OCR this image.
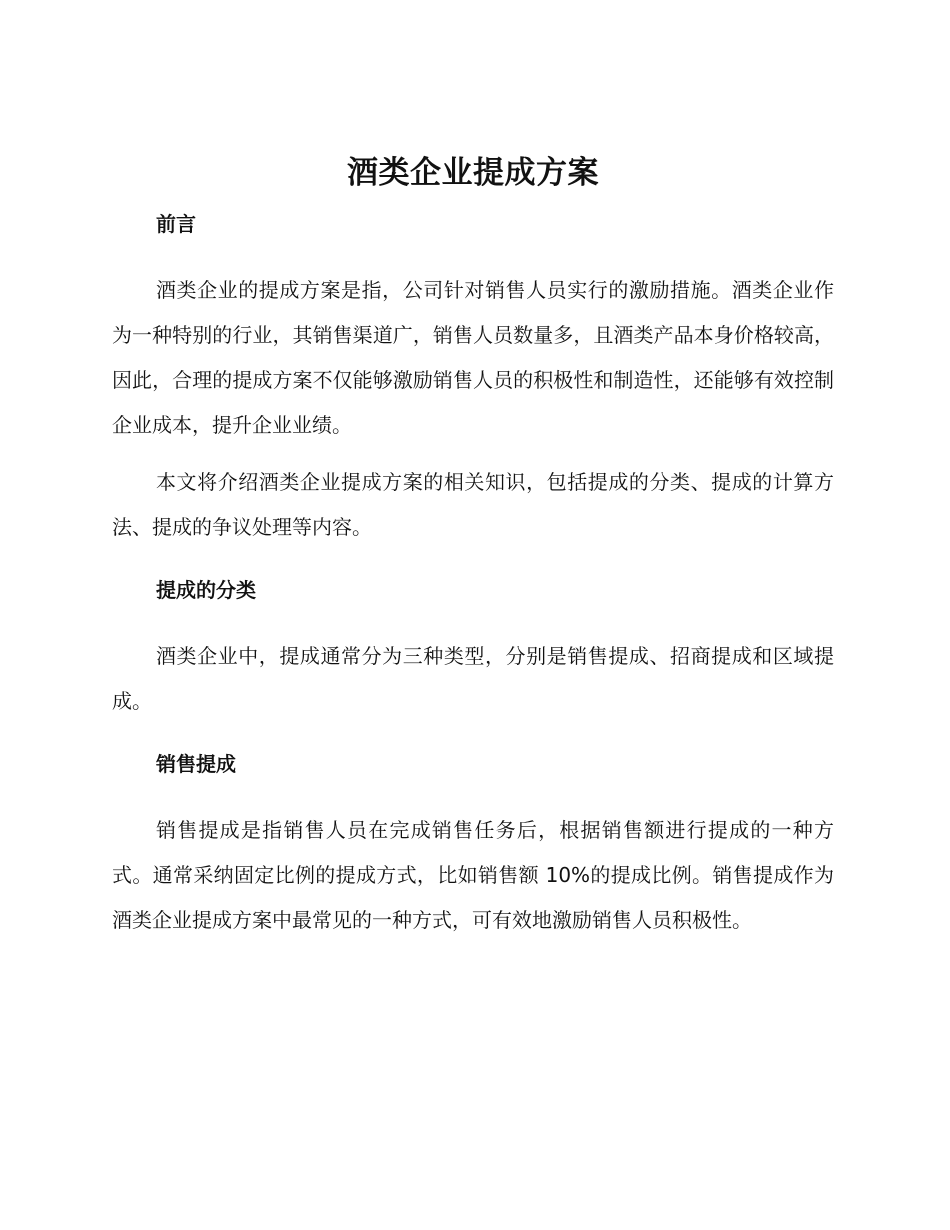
酒类企业提成方案
前言

酒类企业的提成方案是指，公司针对销售人员实行的激励措施。酒类企业作为一种特别的行业，其销售渠道广，销售人员数量多，且酒类产品本身价格较高，因此，合理的提成方案不仅能够激励销售人员的积极性和制造性，还能够有效控制企业成本，提升企业业绩。

本文将介绍酒类企业提成方案的相关知识，包括提成的分类、提成的计算方法、提成的争议处理等内容。

提成的分类

酒类企业中，提成通常分为三种类型，分别是销售提成、招商提成和区域提成。

销售提成

销售提成是指销售人员在完成销售任务后，根据销售额进行提成的一种方式。通常采纳固定比例的提成方式，比如销售额 10%的提成比例。销售提成作为酒类企业提成方案中最常见的一种方式，可有效地激励销售人员积极性。
